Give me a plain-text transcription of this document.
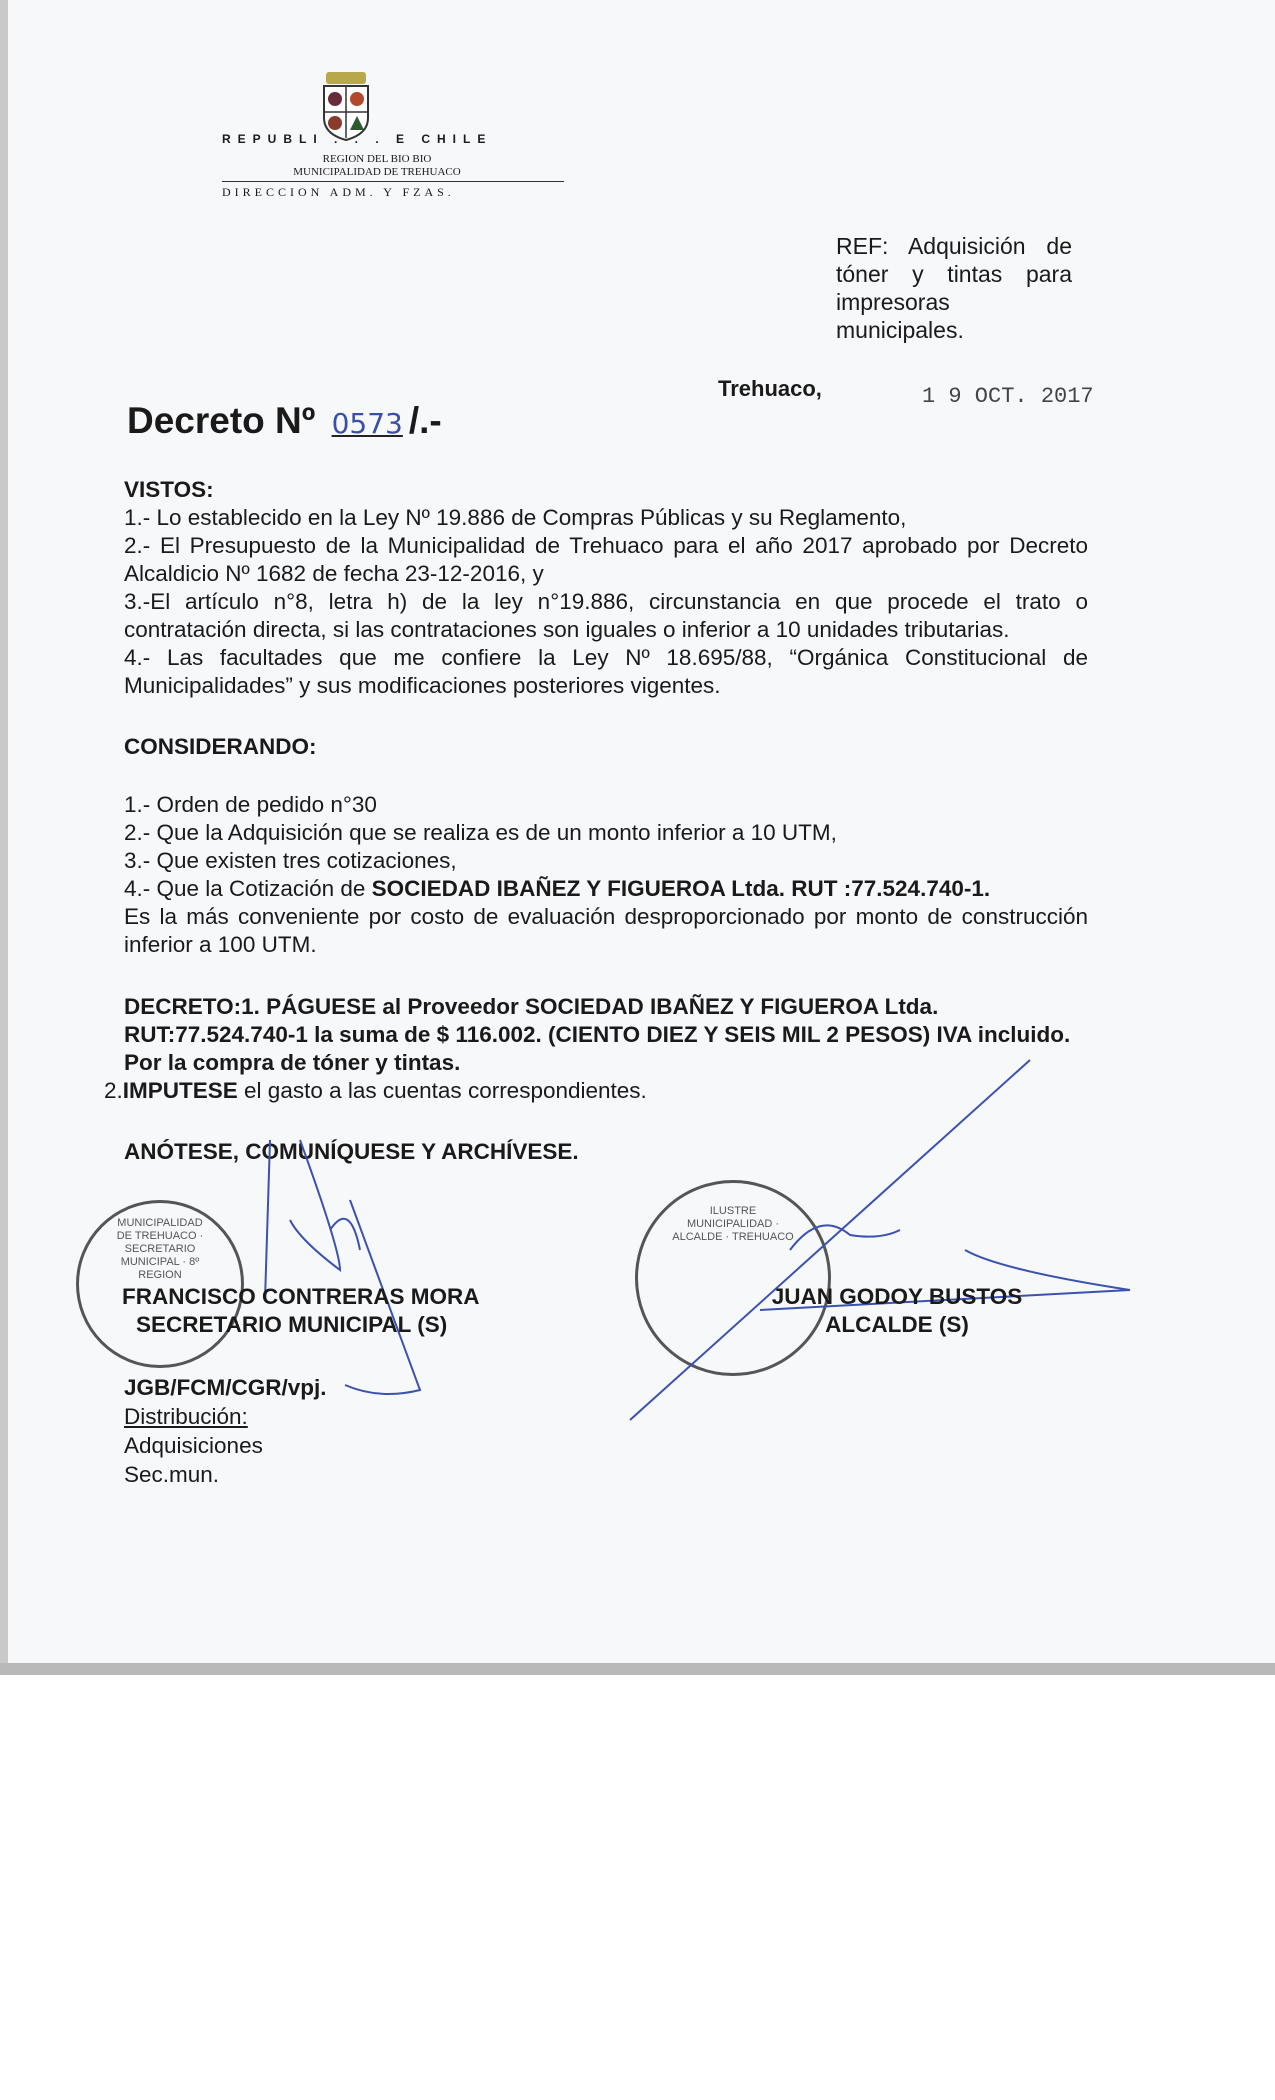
REPUBLI . . . E CHILE
REGION DEL BIO BIO
MUNICIPALIDAD DE TREHUACO
DIRECCION ADM. Y FZAS.
REF: Adquisición de tóner y tintas para impresoras municipales.
Trehuaco,	1 9 OCT. 2017
Decreto Nº 0573 /.-

VISTOS:

1.- Lo establecido en la Ley Nº 19.886 de Compras Públicas y su Reglamento,

2.- El Presupuesto de la Municipalidad de Trehuaco para el año 2017 aprobado por Decreto Alcaldicio Nº 1682 de fecha 23-12-2016, y

3.-El artículo n°8, letra h) de la ley n°19.886, circunstancia en que procede el trato o contratación directa, si las contrataciones son iguales o inferior a 10 unidades tributarias.

4.- Las facultades que me confiere la Ley Nº 18.695/88, “Orgánica Constitucional de Municipalidades” y sus modificaciones posteriores vigentes.

CONSIDERANDO:

1.- Orden de pedido n°30

2.- Que la Adquisición que se realiza es de un monto inferior a 10 UTM,

3.- Que existen tres cotizaciones,

4.- Que la Cotización de SOCIEDAD IBAÑEZ Y FIGUEROA Ltda. RUT :77.524.740-1.

Es la más conveniente por costo de evaluación desproporcionado por monto de construcción inferior a 100 UTM.

DECRETO:1. PÁGUESE al Proveedor SOCIEDAD IBAÑEZ Y FIGUEROA Ltda. RUT:77.524.740-1 la suma de $ 116.002. (CIENTO DIEZ Y SEIS MIL 2 PESOS) IVA incluido. Por la compra de tóner y tintas.

2.IMPUTESE el gasto a las cuentas correspondientes.

ANÓTESE, COMUNÍQUESE Y ARCHÍVESE.
MUNICIPALIDAD DE TREHUACO · SECRETARIO MUNICIPAL · 8º REGION
ILUSTRE MUNICIPALIDAD · ALCALDE · TREHUACO
FRANCISCO CONTRERAS MORA
SECRETARIO MUNICIPAL (S)
JUAN GODOY BUSTOS
ALCALDE (S)

JGB/FCM/CGR/vpj.

Distribución:

Adquisiciones

Sec.mun.
